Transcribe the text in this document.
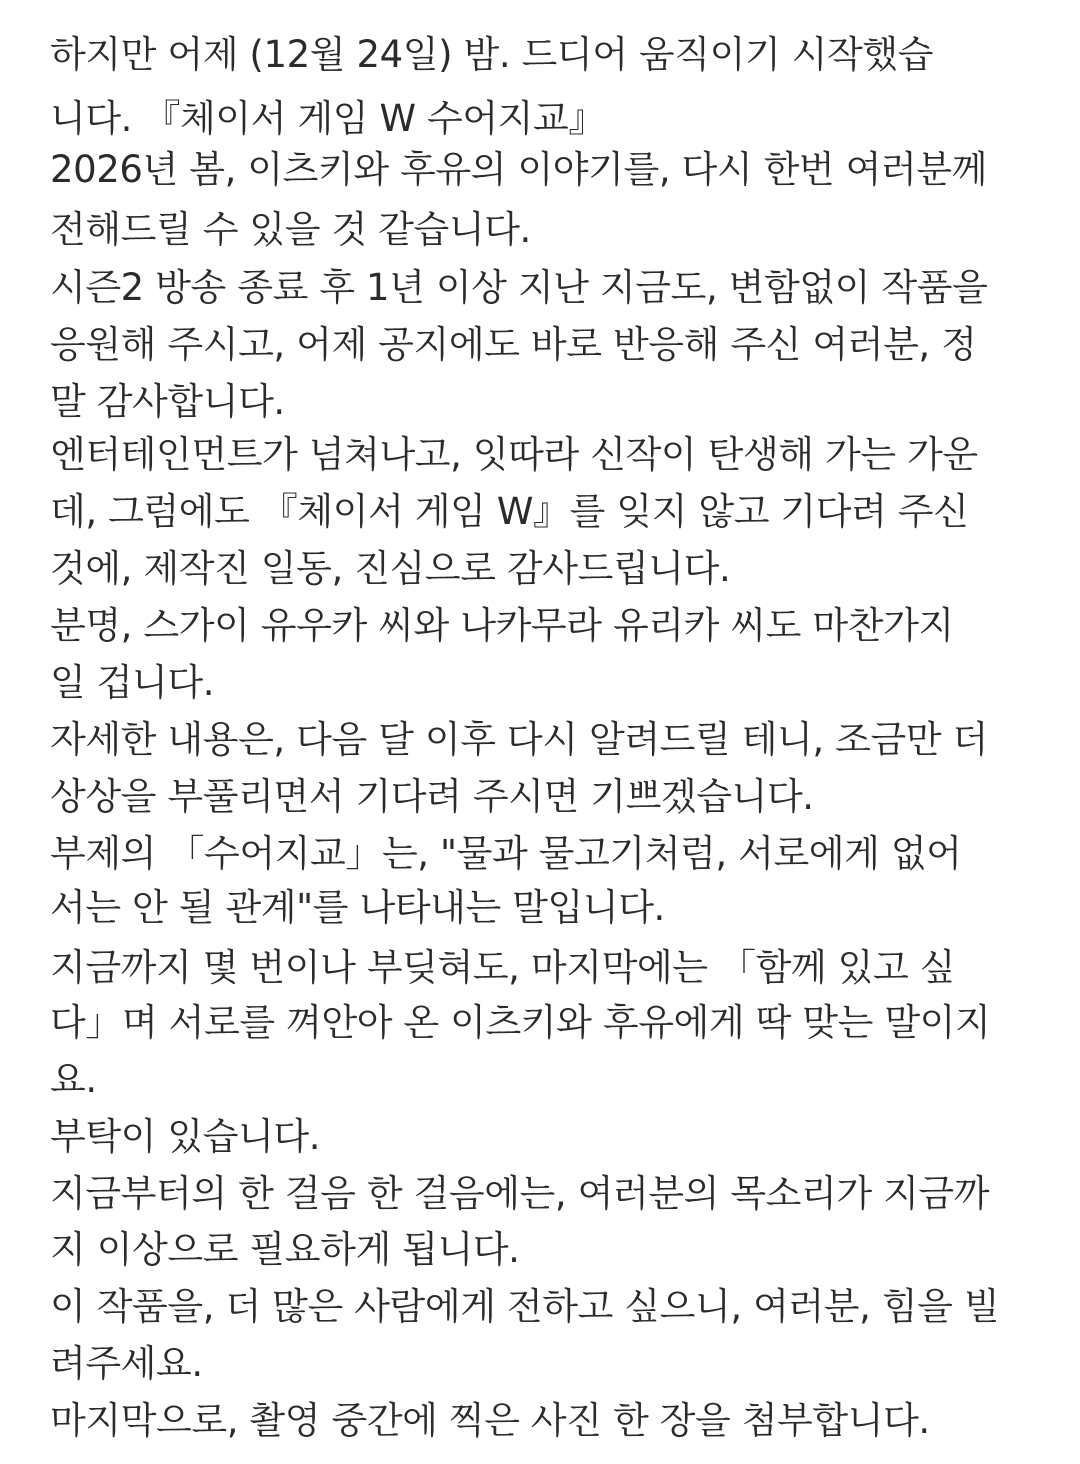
하지만 어제 (12월 24일) 밤. 드디어 움직이기 시작했습

니다. 『체이서 게임 W 수어지교』

2026년 봄, 이츠키와 후유의 이야기를, 다시 한번 여러분께

전해드릴 수 있을 것 같습니다.

시즌2 방송 종료 후 1년 이상 지난 지금도, 변함없이 작품을

응원해 주시고, 어제 공지에도 바로 반응해 주신 여러분, 정

말 감사합니다.

엔터테인먼트가 넘쳐나고, 잇따라 신작이 탄생해 가는 가운

데, 그럼에도 『체이서 게임 W』를 잊지 않고 기다려 주신

것에, 제작진 일동, 진심으로 감사드립니다.

분명, 스가이 유우카 씨와 나카무라 유리카 씨도 마찬가지

일 겁니다.

자세한 내용은, 다음 달 이후 다시 알려드릴 테니, 조금만 더

상상을 부풀리면서 기다려 주시면 기쁘겠습니다.

부제의 「수어지교」는, "물과 물고기처럼, 서로에게 없어

서는 안 될 관계"를 나타내는 말입니다.

지금까지 몇 번이나 부딪혀도, 마지막에는 「함께 있고 싶

다」며 서로를 껴안아 온 이츠키와 후유에게 딱 맞는 말이지

요.

부탁이 있습니다.

지금부터의 한 걸음 한 걸음에는, 여러분의 목소리가 지금까

지 이상으로 필요하게 됩니다.

이 작품을, 더 많은 사람에게 전하고 싶으니, 여러분, 힘을 빌

려주세요.

마지막으로, 촬영 중간에 찍은 사진 한 장을 첨부합니다.
